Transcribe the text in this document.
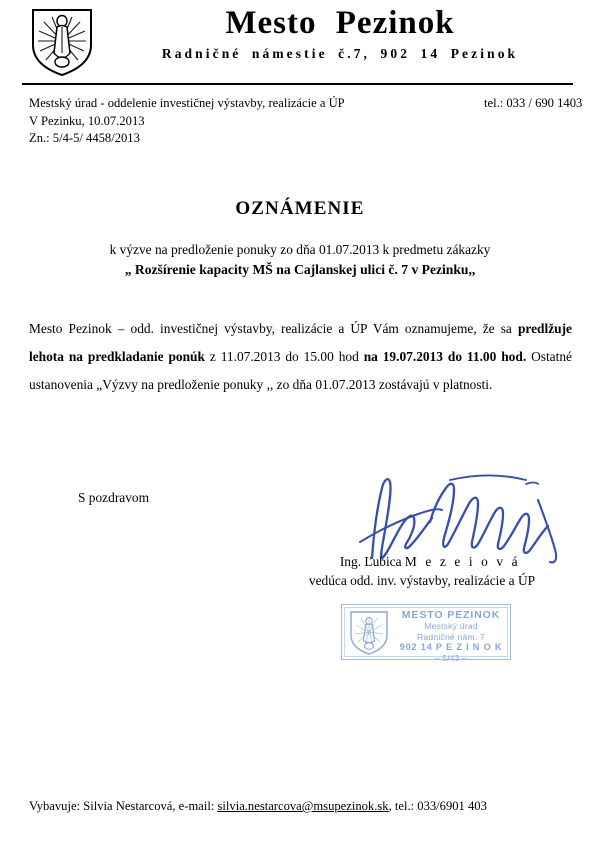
Mesto Pezinok
Radničné námestie č.7, 902 14 Pezinok
Mestský úrad - oddelenie investičnej výstavby, realizácie a ÚP	tel.: 033 / 690 1403
V Pezinku, 10.07.2013
Zn.: 5/4-5/ 4458/2013
OZNÁMENIE
k výzve na predloženie ponuky zo dňa 01.07.2013 k predmetu zákazky
„ Rozšírenie kapacity MŠ na Cajlanskej ulici č. 7 v Pezinku,,
Mesto Pezinok – odd. investičnej výstavby, realizácie a ÚP Vám oznamujeme, že sa predlžuje lehota na predkladanie ponúk z 11.07.2013 do 15.00 hod na 19.07.2013 do 11.00 hod. Ostatné ustanovenia „Výzvy na predloženie ponuky ,, zo dňa 01.07.2013 zostávajú v platnosti.
S pozdravom
Ing. Ľubica M e z e i o v á
vedúca odd. inv. výstavby, realizácie a ÚP
MESTO PEZINOK
Mestský úrad
Radničné nám. 7
902 14 P E Z I N O K
– 5/43 –
Vybavuje: Silvia Nestarcová, e-mail: silvia.nestarcova@msupezinok.sk, tel.: 033/6901 403
